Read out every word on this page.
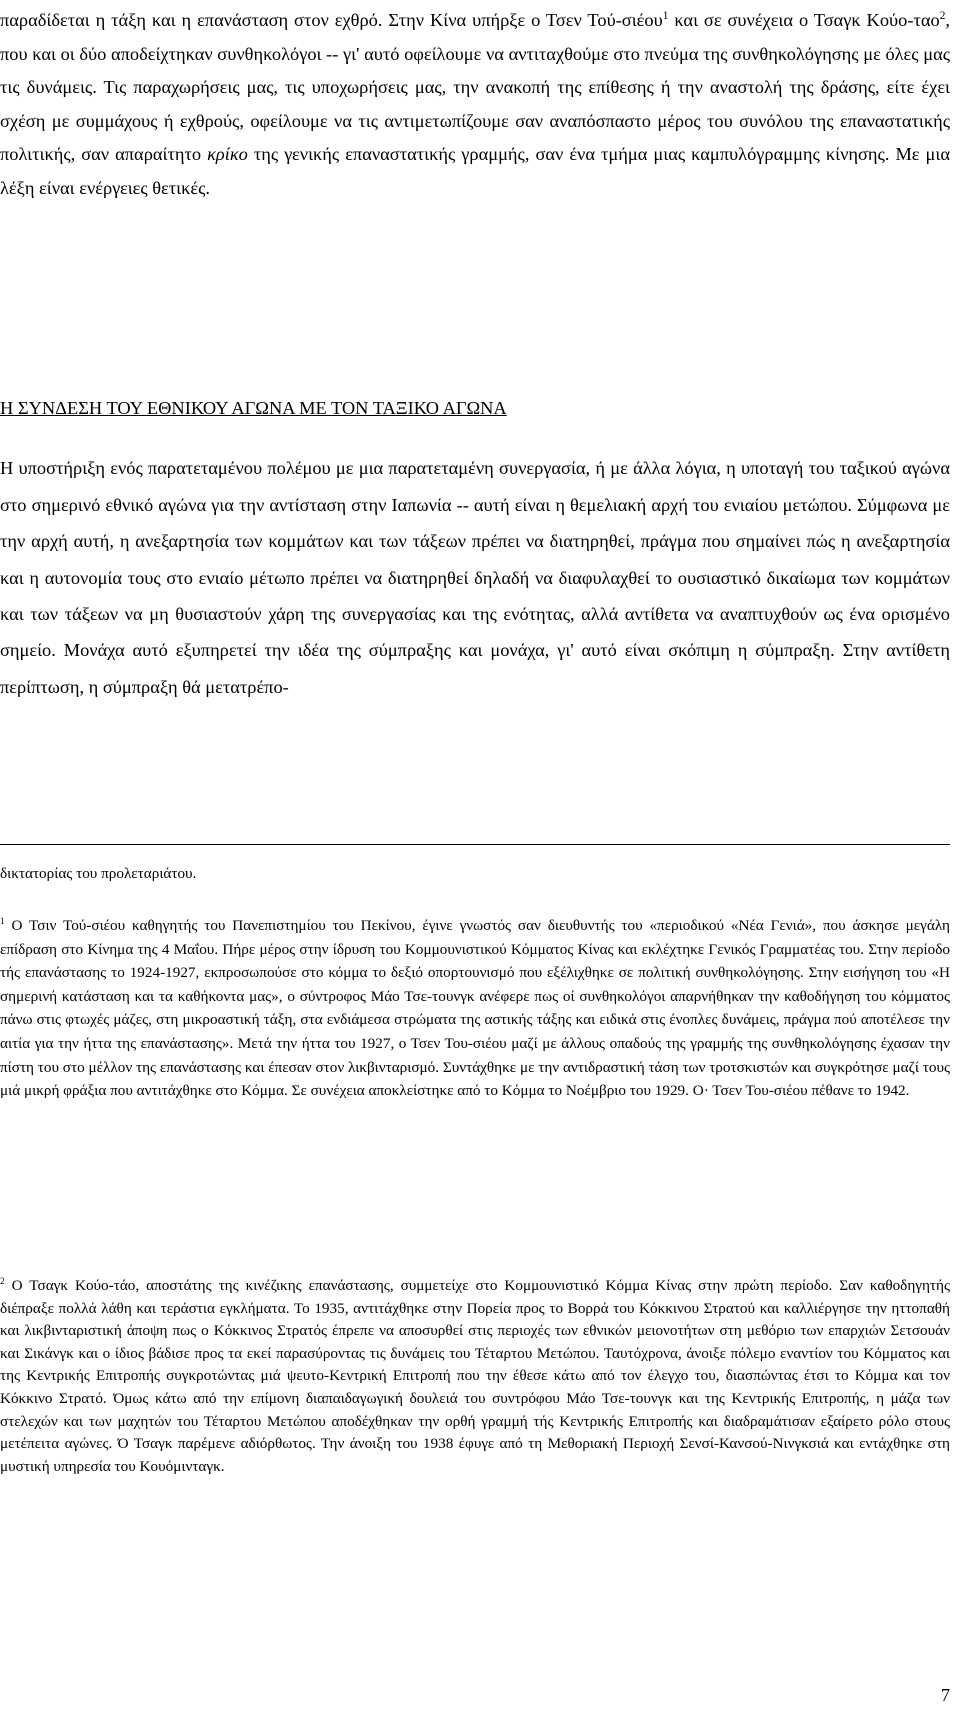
παραδίδεται η τάξη και η επανάσταση στον εχθρό. Στην Κίνα υπήρξε ο Τσεν Τού-σιέου$^1$ και σε συνέχεια ο Τσαγκ Κούο-ταο$^2$, που και οι δύο αποδείχτηκαν συνθηκολόγοι -- γι' αυτό οφείλουμε να αντιταχθούμε στο πνεύμα της συνθηκολόγησης με όλες μας τις δυνάμεις. Τις παραχωρήσεις μας, τις υποχωρήσεις μας, την ανακοπή της επίθεσης ή την αναστολή της δράσης, είτε έχει σχέση με συμμάχους ή εχθρούς, οφείλουμε να τις αντιμετωπίζουμε σαν αναπόσπαστο μέρος του συνόλου της επαναστατικής πολιτικής, σαν απαραίτητο κρίκο της γενικής επαναστατικής γραμμής, σαν ένα τμήμα μιας καμπυλόγραμμης κίνησης. Με μια λέξη είναι ενέργειες θετικές.

Η ΣΥΝΔΕΣΗ ΤΟΥ ΕΘΝΙΚΟΥ ΑΓΩΝΑ ΜΕ ΤΟΝ ΤΑΞΙΚΟ ΑΓΩΝΑ

Η υποστήριξη ενός παρατεταμένου πολέμου με μια παρατεταμένη συνεργασία, ή με άλλα λόγια, η υποταγή του ταξικού αγώνα στο σημερινό εθνικό αγώνα για την αντίσταση στην Ιαπωνία -- αυτή είναι η θεμελιακή αρχή του ενιαίου μετώπου. Σύμφωνα με την αρχή αυτή, η ανεξαρτησία των κομμάτων και των τάξεων πρέπει να διατηρηθεί, πράγμα που σημαίνει πώς η ανεξαρτησία και η αυτονομία τους στο ενιαίο μέτωπο πρέπει να διατηρηθεί δηλαδή να διαφυλαχθεί το ουσιαστικό δικαίωμα των κομμάτων και των τάξεων να μη θυσιαστούν χάρη της συνεργασίας και της ενότητας, αλλά αντίθετα να αναπτυχθούν ως ένα ορισμένο σημείο. Μονάχα αυτό εξυπηρετεί την ιδέα της σύμπραξης και μονάχα, γι' αυτό είναι σκόπιμη η σύμπραξη. Στην αντίθετη περίπτωση, η σύμπραξη θά μετατρέπο-

δικτατορίας του προλεταριάτου.
$^1$ Ο Τσιν Τού-σιέου καθηγητής του Πανεπιστημίου του Πεκίνου, έγινε γνωστός σαν διευθυντής του «περιοδικού «Νέα Γενιά», που άσκησε μεγάλη επίδραση στο Κίνημα της 4 Μαΐου. Πήρε μέρος στην ίδρυση του Κομμουνιστικού Κόμματος Κίνας και εκλέχτηκε Γενικός Γραμματέας του. Στην περίοδο τής επανάστασης το 1924-1927, εκπροσωπούσε στο κόμμα το δεξιό οπορτουνισμό που εξέλιχθηκε σε πολιτική συνθηκολόγησης. Στην εισήγηση του «Η σημερινή κατάσταση και τα καθήκοντα μας», ο σύντροφος Μάο Τσε-τουνγκ ανέφερε πως οί συνθηκολόγοι απαρνήθηκαν την καθοδήγηση του κόμματος πάνω στις φτωχές μάζες, στη μικροαστική τάξη, στα ενδιάμεσα στρώματα της αστικής τάξης και ειδικά στις ένοπλες δυνάμεις, πράγμα πού αποτέλεσε την αιτία για την ήττα της επανάστασης». Μετά την ήττα του 1927, ο Τσεν Του-σιέου μαζί με άλλους οπαδούς της γραμμής της συνθηκολόγησης έχασαν την πίστη του στο μέλλον της επανάστασης και έπεσαν στον λικβινταρισμό. Συντάχθηκε με την αντιδραστική τάση των τροτσκιστών και συγκρότησε μαζί τους μιά μικρή φράξια που αντιτάχθηκε στο Κόμμα. Σε συνέχεια αποκλείστηκε από το Κόμμα το Νοέμβριο του 1929. Ο· Τσεν Του-σιέου πέθανε το 1942.
$^2$ Ο Τσαγκ Κούο-τάο, αποστάτης της κινέζικης επανάστασης, συμμετείχε στο Κομμουνιστικό Κόμμα Κίνας στην πρώτη περίοδο. Σαν καθοδηγητής διέπραξε πολλά λάθη και τεράστια εγκλήματα. Το 1935, αντιτάχθηκε στην Πορεία προς το Βορρά του Κόκκινου Στρατού και καλλιέργησε την ηττοπαθή και λικβινταριστική άποψη πως ο Κόκκινος Στρατός έπρεπε να αποσυρθεί στις περιοχές των εθνικών μειονοτήτων στη μεθόριο των επαρχιών Σετσουάν και Σικάνγκ και ο ίδιος βάδισε προς τα εκεί παρασύροντας τις δυνάμεις του Τέταρτου Μετώπου. Ταυτόχρονα, άνοιξε πόλεμο εναντίον του Κόμματος και της Κεντρικής Επιτροπής συγκροτώντας μιά ψευτο-Κεντρική Επιτροπή που την έθεσε κάτω από τον έλεγχο του, διασπώντας έτσι το Κόμμα και τον Κόκκινο Στρατό. Όμως κάτω από την επίμονη διαπαιδαγωγική δουλειά του συντρόφου Μάο Τσε-τουνγκ και της Κεντρικής Επιτροπής, η μάζα των στελεχών και των μαχητών του Τέταρτου Μετώπου αποδέχθηκαν την ορθή γραμμή τής Κεντρικής Επιτροπής και διαδραμάτισαν εξαίρετο ρόλο στους μετέπειτα αγώνες. Ό Τσαγκ παρέμενε αδιόρθωτος. Την άνοιξη του 1938 έφυγε από τη Μεθοριακή Περιοχή Σενσί-Κανσού-Νινγκσιά και εντάχθηκε στη μυστική υπηρεσία του Κουόμινταγκ.
7
